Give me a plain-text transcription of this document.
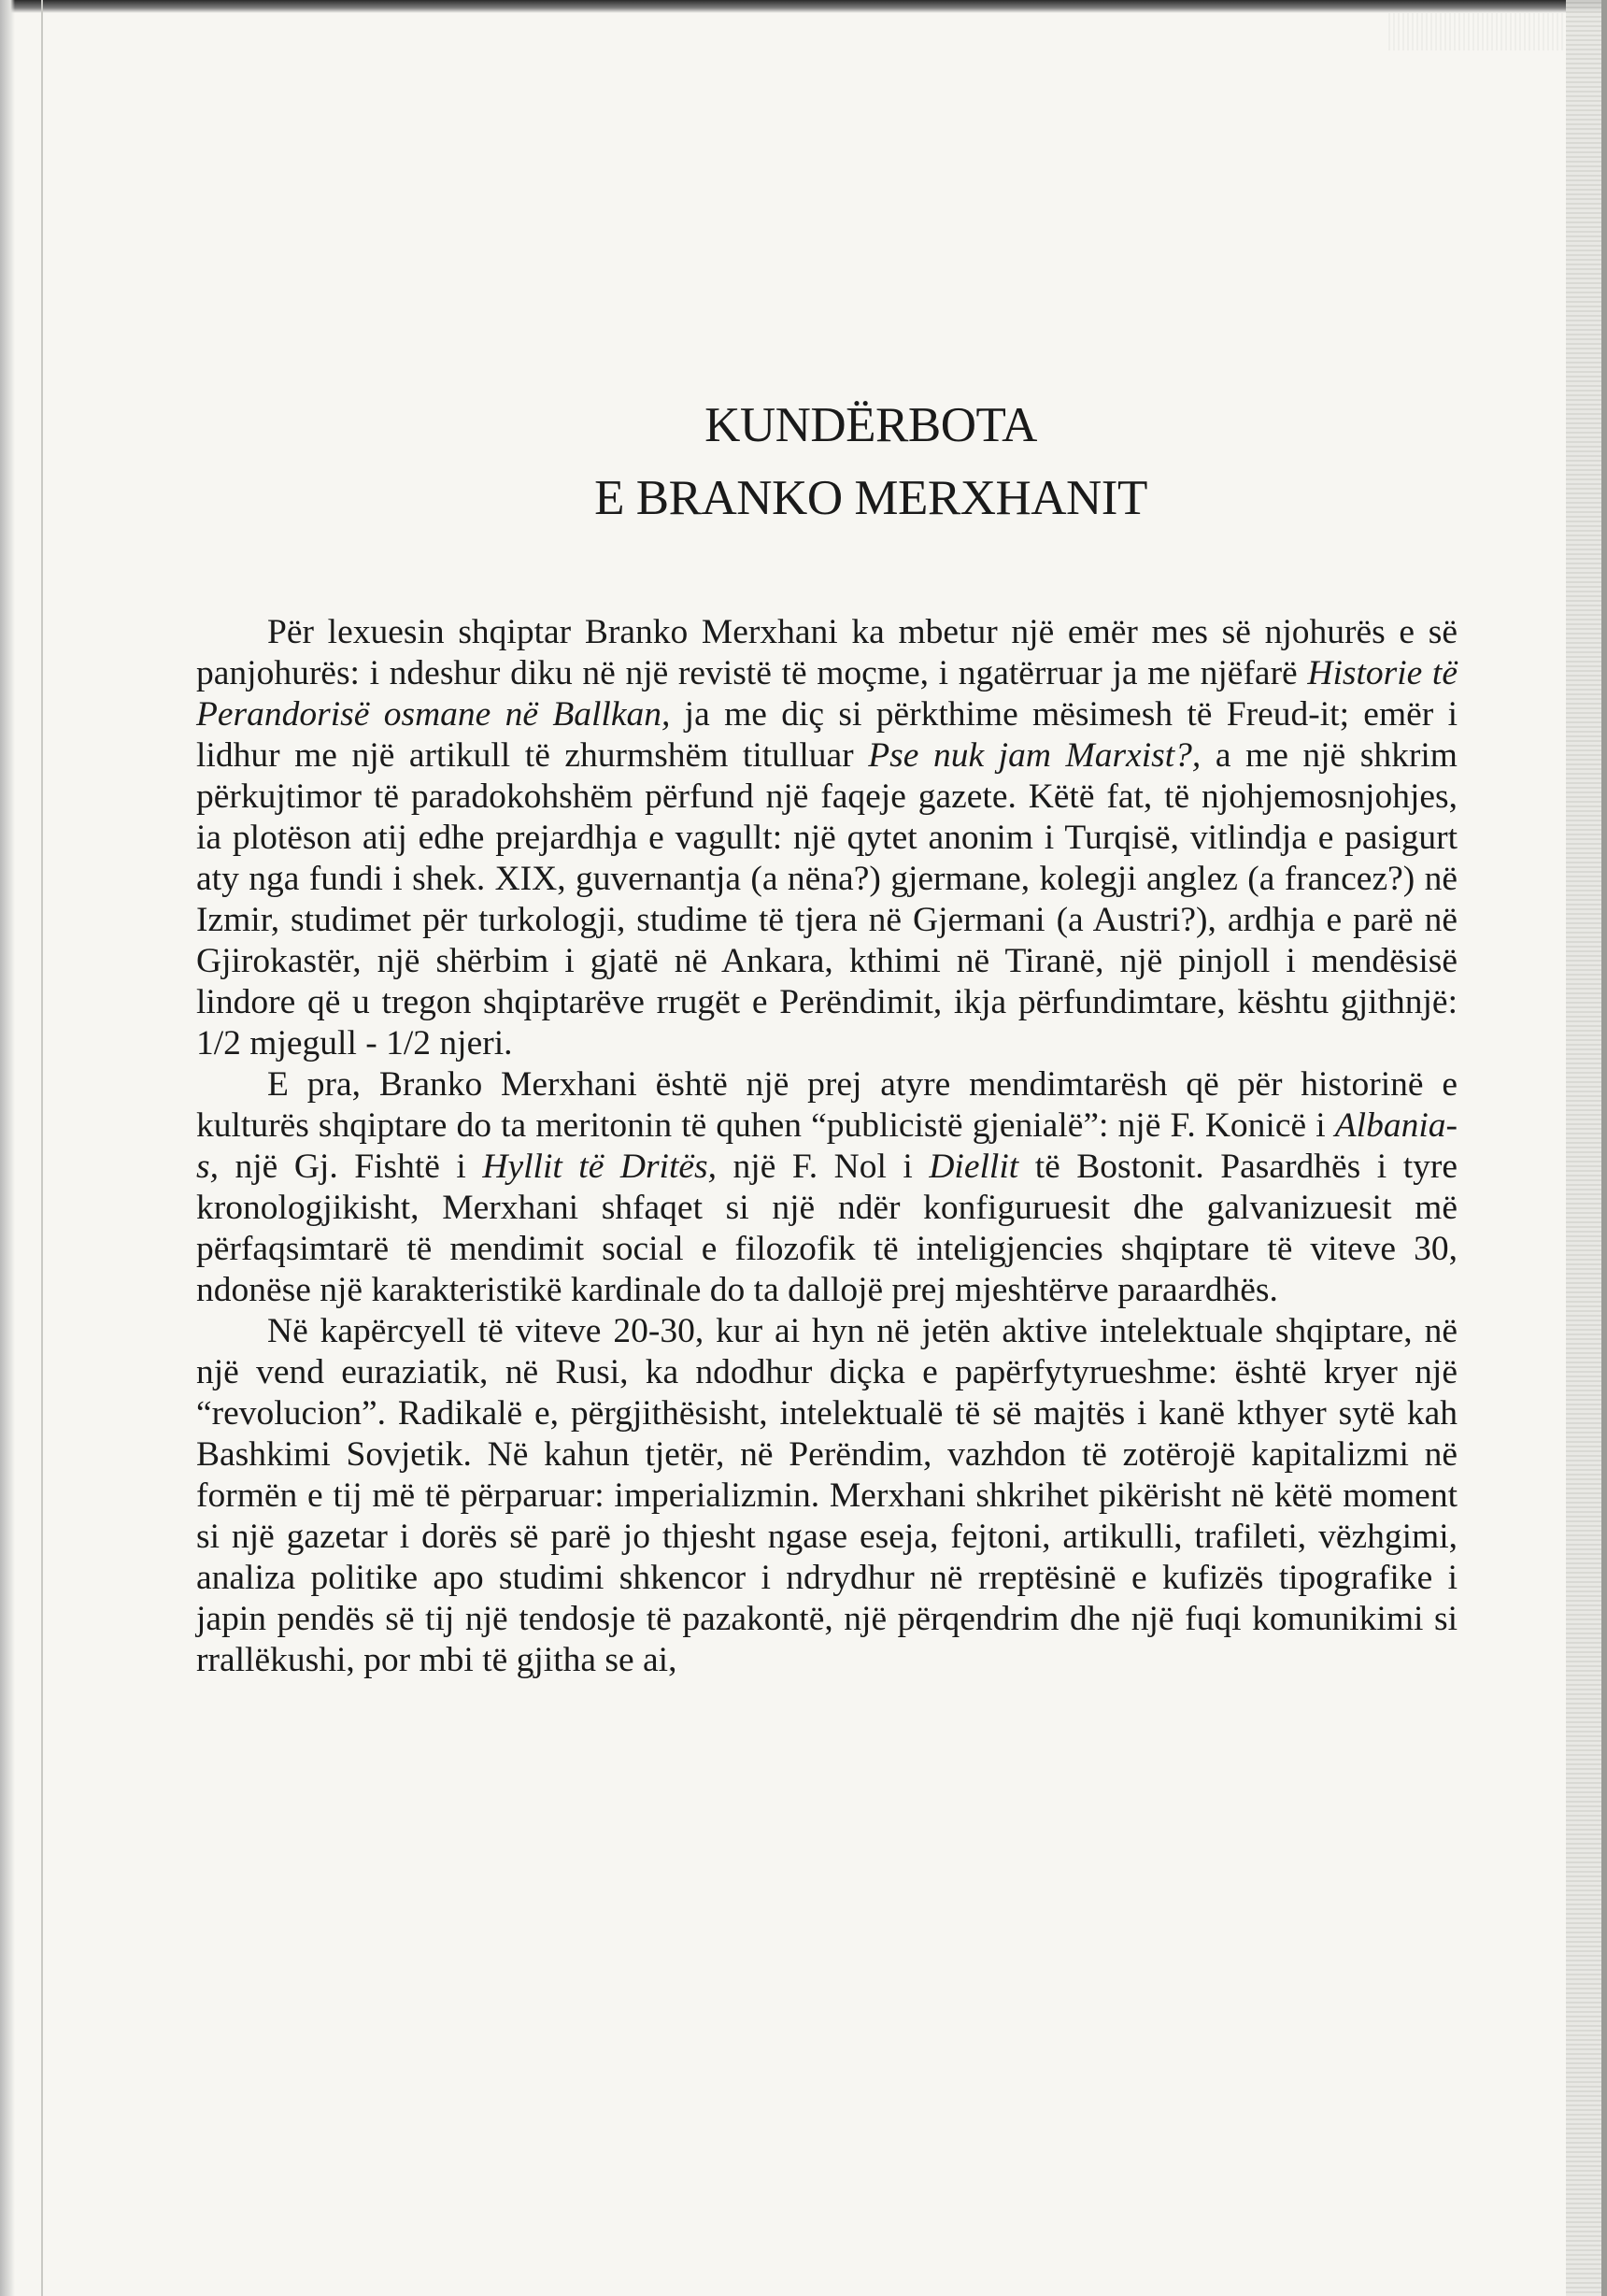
KUNDËRBOTA
E BRANKO MERXHANIT

Për lexuesin shqiptar Branko Merxhani ka mbetur një emër mes së njohurës e së panjohurës: i ndeshur diku në një revistë të moçme, i ngatërruar ja me njëfarë Historie të Perandorisë osmane në Ballkan, ja me diç si përkthime mësimesh të Freud-it; emër i lidhur me një artikull të zhurmshëm titulluar Pse nuk jam Marxist?, a me një shkrim përkujtimor të paradokohshëm përfund një faqeje gazete. Këtë fat, të njohjemosnjohjes, ia plotëson atij edhe prejardhja e vagullt: një qytet anonim i Turqisë, vitlindja e pasigurt aty nga fundi i shek. XIX, guvernantja (a nëna?) gjermane, kolegji anglez (a francez?) në Izmir, studimet për turkologji, studime të tjera në Gjermani (a Austri?), ardhja e parë në Gjirokastër, një shërbim i gjatë në Ankara, kthimi në Tiranë, një pinjoll i mendësisë lindore që u tregon shqiptarëve rrugët e Perëndimit, ikja përfundimtare, kështu gjithnjë: 1/2 mjegull - 1/2 njeri.

E pra, Branko Merxhani është një prej atyre mendimtarësh që për historinë e kulturës shqiptare do ta meritonin të quhen “publicistë gjenialë”: një F. Konicë i Albania-s, një Gj. Fishtë i Hyllit të Dritës, një F. Nol i Diellit të Bostonit. Pasardhës i tyre kronologjikisht, Merxhani shfaqet si një ndër konfiguruesit dhe galvanizuesit më përfaqsimtarë të mendimit social e filozofik të inteligjencies shqiptare të viteve 30, ndonëse një karakteristikë kardinale do ta dallojë prej mjeshtërve paraardhës.

Në kapërcyell të viteve 20-30, kur ai hyn në jetën aktive intelektuale shqiptare, në një vend euraziatik, në Rusi, ka ndodhur diçka e papërfytyrueshme: është kryer një “revolucion”. Radikalë e, përgjithësisht, intelektualë të së majtës i kanë kthyer sytë kah Bashkimi Sovjetik. Në kahun tjetër, në Perëndim, vazhdon të zotërojë kapitalizmi në formën e tij më të përparuar: imperializmin. Merxhani shkrihet pikërisht në këtë moment si një gazetar i dorës së parë jo thjesht ngase eseja, fejtoni, artikulli, trafileti, vëzhgimi, analiza politike apo studimi shkencor i ndrydhur në rreptësinë e kufizës tipografike i japin pendës së tij një tendosje të pazakontë, një përqendrim dhe një fuqi komunikimi si rrallëkushi, por mbi të gjitha se ai,
